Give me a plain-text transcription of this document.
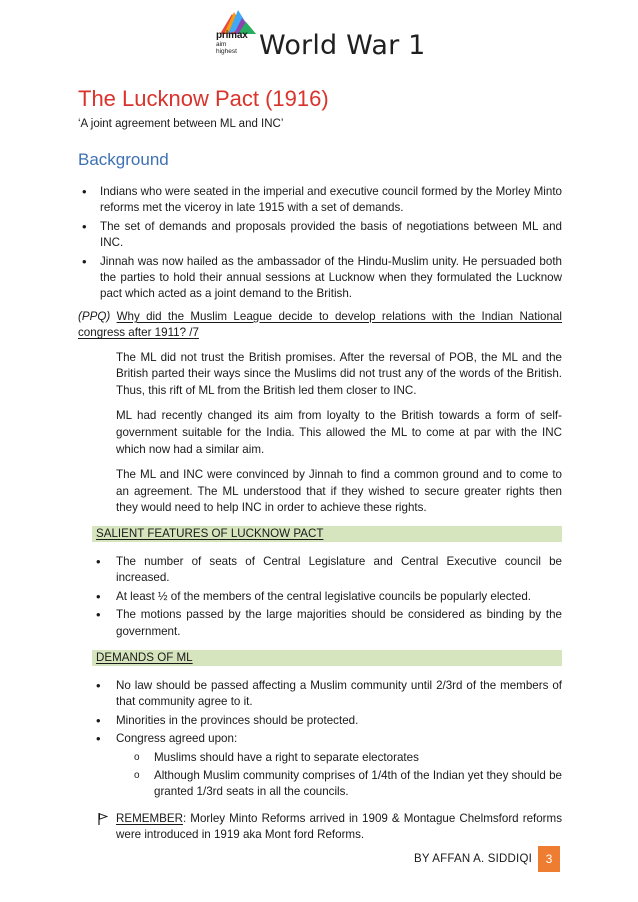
primax
aim
highest World War 1
The Lucknow Pact (1916)
‘A joint agreement between ML and INC’
Background
• Indians who were seated in the imperial and executive council formed by the Morley Minto reforms met the viceroy in late 1915 with a set of demands.
• The set of demands and proposals provided the basis of negotiations between ML and INC.
• Jinnah was now hailed as the ambassador of the Hindu-Muslim unity. He persuaded both the parties to hold their annual sessions at Lucknow when they formulated the Lucknow pact which acted as a joint demand to the British.
(PPQ) Why did the Muslim League decide to develop relations with the Indian National congress after 1911? /7

The ML did not trust the British promises. After the reversal of POB, the ML and the British parted their ways since the Muslims did not trust any of the words of the British. Thus, this rift of ML from the British led them closer to INC.

ML had recently changed its aim from loyalty to the British towards a form of self-government suitable for the India. This allowed the ML to come at par with the INC which now had a similar aim.

The ML and INC were convinced by Jinnah to find a common ground and to come to an agreement. The ML understood that if they wished to secure greater rights then they would need to help INC in order to achieve these rights.

SALIENT FEATURES OF LUCKNOW PACT
• The number of seats of Central Legislature and Central Executive council be increased.
• At least ½ of the members of the central legislative councils be popularly elected.
• The motions passed by the large majorities should be considered as binding by the government.
DEMANDS OF ML
• No law should be passed affecting a Muslim community until 2/3rd of the members of that community agree to it.
• Minorities in the provinces should be protected.
• Congress agreed upon:
o Muslims should have a right to separate electorates
o Although Muslim community comprises of 1/4th of the Indian yet they should be granted 1/3rd seats in all the councils.
REMEMBER: Morley Minto Reforms arrived in 1909 & Montague Chelmsford reforms were introduced in 1919 aka Mont ford Reforms.
BY AFFAN A. SIDDIQI	3
